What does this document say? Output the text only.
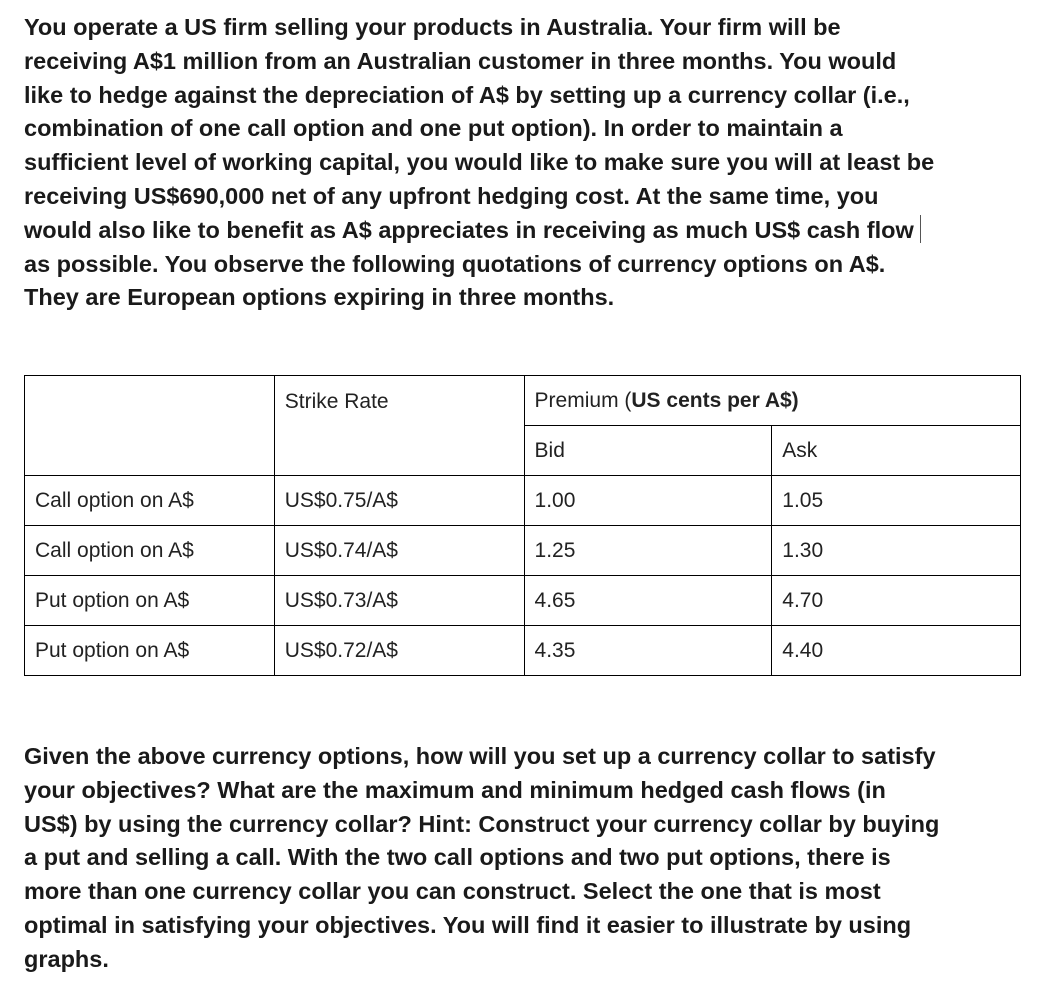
You operate a US firm selling your products in Australia. Your firm will be
receiving A$1 million from an Australian customer in three months. You would
like to hedge against the depreciation of A$ by setting up a currency collar (i.e.,
combination of one call option and one put option). In order to maintain a
sufficient level of working capital, you would like to make sure you will at least be
receiving US$690,000 net of any upfront hedging cost. At the same time, you
would also like to benefit as A$ appreciates in receiving as much US$ cash flow
as possible. You observe the following quotations of currency options on A$.
They are European options expiring in three months.
	Strike Rate	Premium (US cents per A$)	
		Bid	Ask
Call option on A$	US$0.75/A$	1.00	1.05
Call option on A$	US$0.74/A$	1.25	1.30
Put option on A$	US$0.73/A$	4.65	4.70
Put option on A$	US$0.72/A$	4.35	4.40
Given the above currency options, how will you set up a currency collar to satisfy
your objectives? What are the maximum and minimum hedged cash flows (in
US$) by using the currency collar? Hint: Construct your currency collar by buying
a put and selling a call. With the two call options and two put options, there is
more than one currency collar you can construct. Select the one that is most
optimal in satisfying your objectives. You will find it easier to illustrate by using
graphs.
